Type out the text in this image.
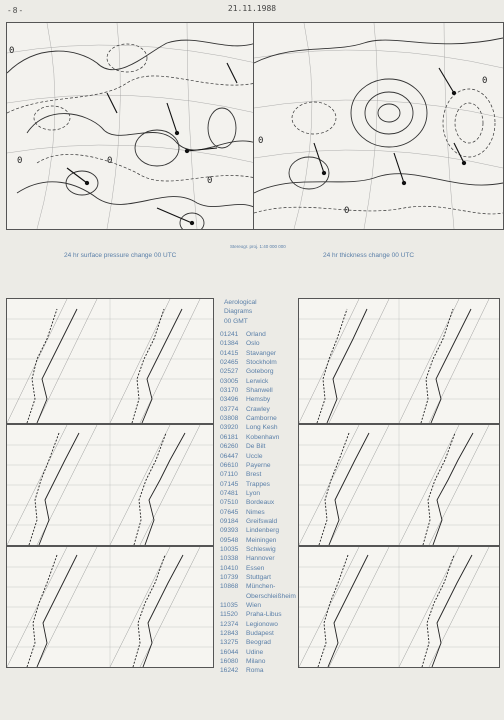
- 8 -	21.11.1988
0
0
0
0
0
0
0
Stereogr. proj. 1:40 000 000
24 hr surface pressure change 00 UTC	24 hr thickness change 00 UTC
Aerological
Diagrams
00 GMT
01241 Orland
01384 Oslo
01415 Stavanger
02465 Stockholm
02527 Goteborg
03005 Lerwick
03170 Shanwell
03496 Hemsby
03774 Crawley
03808 Camborne
03920 Long Kesh
06181 Kobenhavn
06260 De Bilt
06447 Uccle
06610 Payerne
07110 Brest
07145 Trappes
07481 Lyon
07510 Bordeaux
07645 Nimes
09184 Greifswald
09393 Lindenberg
09548 Meiningen
10035 Schleswig
10338 Hannover
10410 Essen
10739 Stuttgart
10868 München-
Oberschleißheim
11035 Wien
11520 Praha-Libus
12374 Legionowo
12843 Budapest
13275 Beograd
16044 Udine
16080 Milano
16242 Roma
